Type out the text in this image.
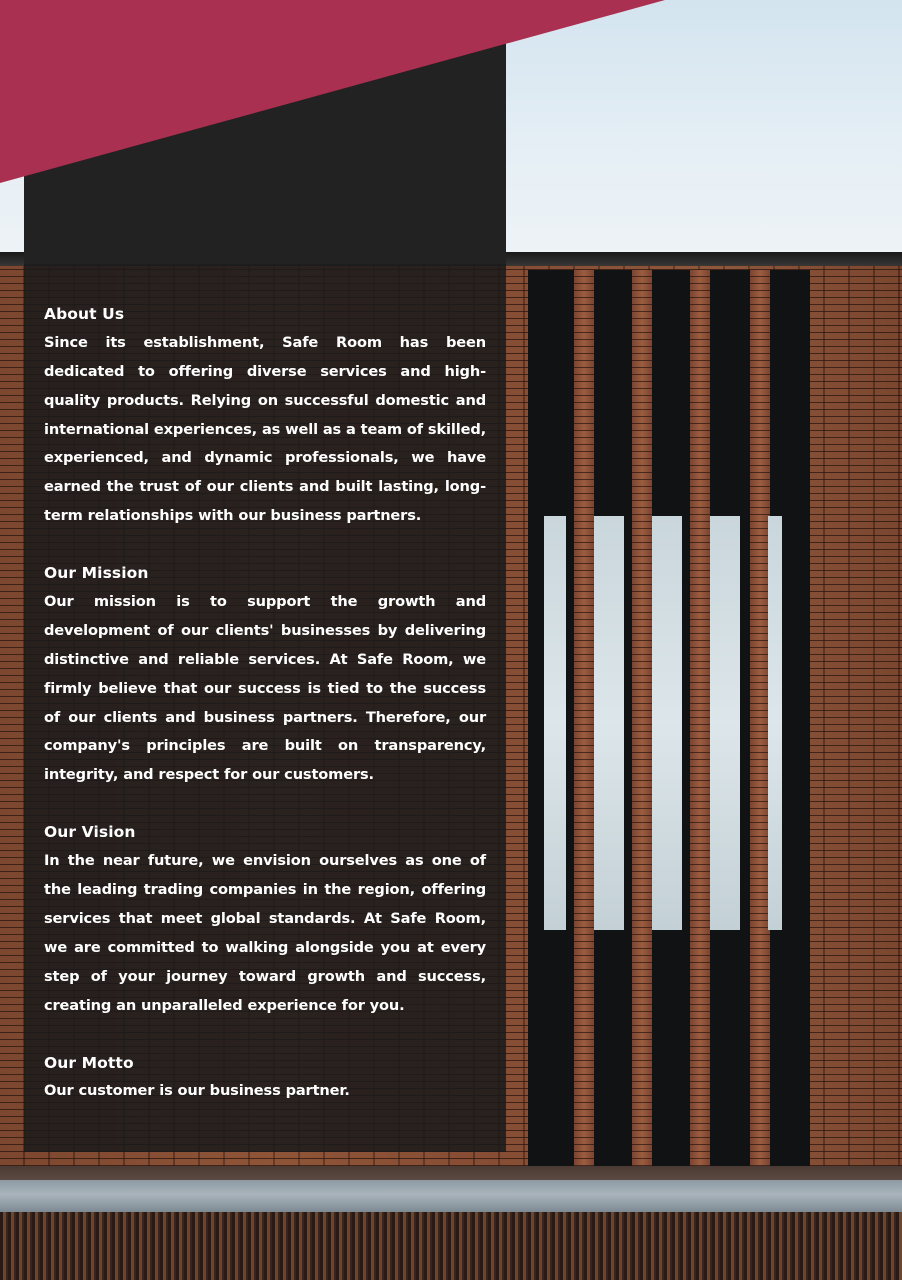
About Us

Since its establishment, Safe Room has been dedicated to offering diverse services and high-quality products. Relying on successful domestic and international experiences, as well as a team of skilled, experienced, and dynamic professionals, we have earned the trust of our clients and built lasting, long-term relationships with our business partners.

Our Mission

Our mission is to support the growth and development of our clients' businesses by delivering distinctive and reliable services. At Safe Room, we firmly believe that our success is tied to the success of our clients and business partners. Therefore, our company's principles are built on transparency, integrity, and respect for our customers.

Our Vision

In the near future, we envision ourselves as one of the leading trading companies in the region, offering services that meet global standards. At Safe Room, we are committed to walking alongside you at every step of your journey toward growth and success, creating an unparalleled experience for you.

Our Motto

Our customer is our business partner.
